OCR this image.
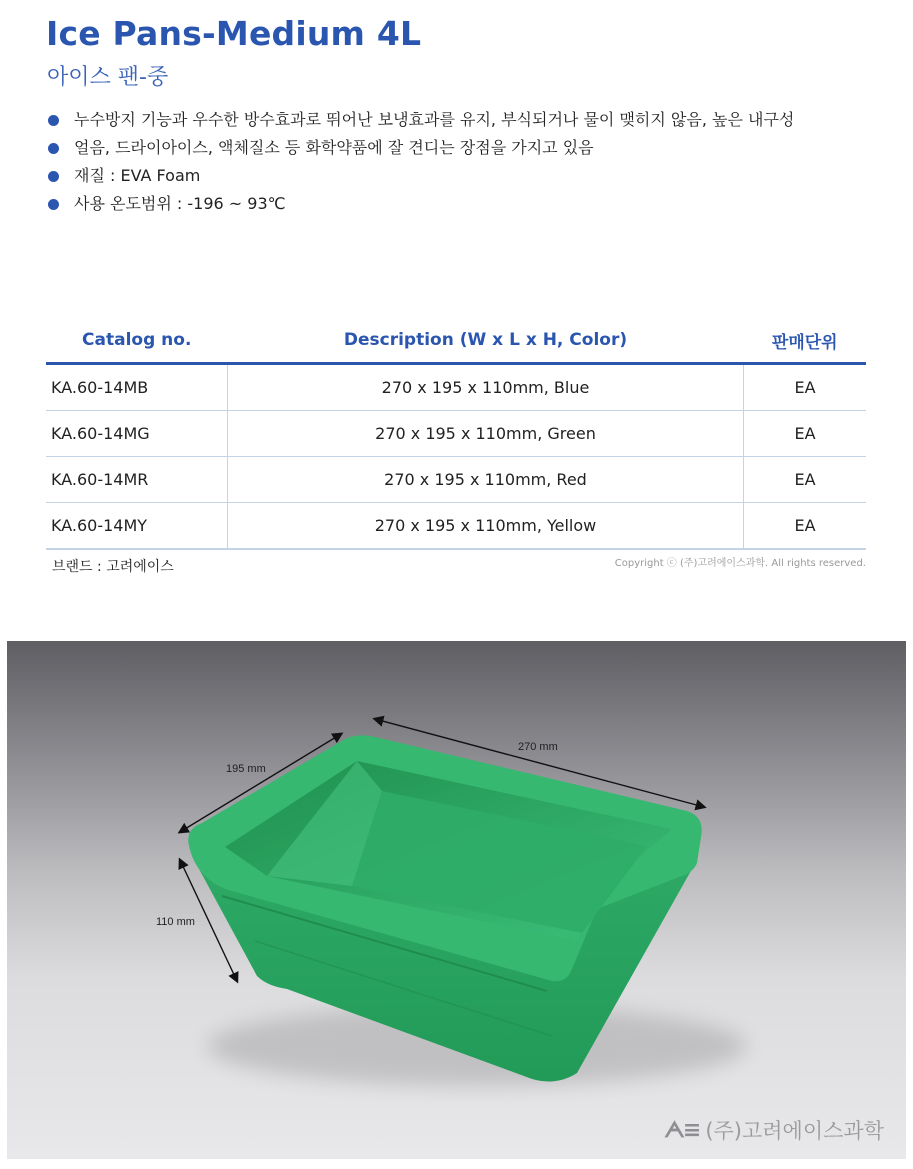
Ice Pans-Medium 4L
아이스 팬-중
누수방지 기능과 우수한 방수효과로 뛰어난 보냉효과를 유지, 부식되거나 물이 맺히지 않음, 높은 내구성
얼음, 드라이아이스, 액체질소 등 화학약품에 잘 견디는 장점을 가지고 있음
재질 : EVA Foam
사용 온도범위 : -196 ~ 93℃
Catalog no.	Description (W x L x H, Color)	판매단위
KA.60-14MB	270 x 195 x 110mm, Blue	EA
KA.60-14MG	270 x 195 x 110mm, Green	EA
KA.60-14MR	270 x 195 x 110mm, Red	EA
KA.60-14MY	270 x 195 x 110mm, Yellow	EA
브랜드 : 고려에이스	Copyright ⓒ (주)고려에이스과학. All rights reserved.
270 mm
195 mm
110 mm
ᗅ≡ (주)고려에이스과학
